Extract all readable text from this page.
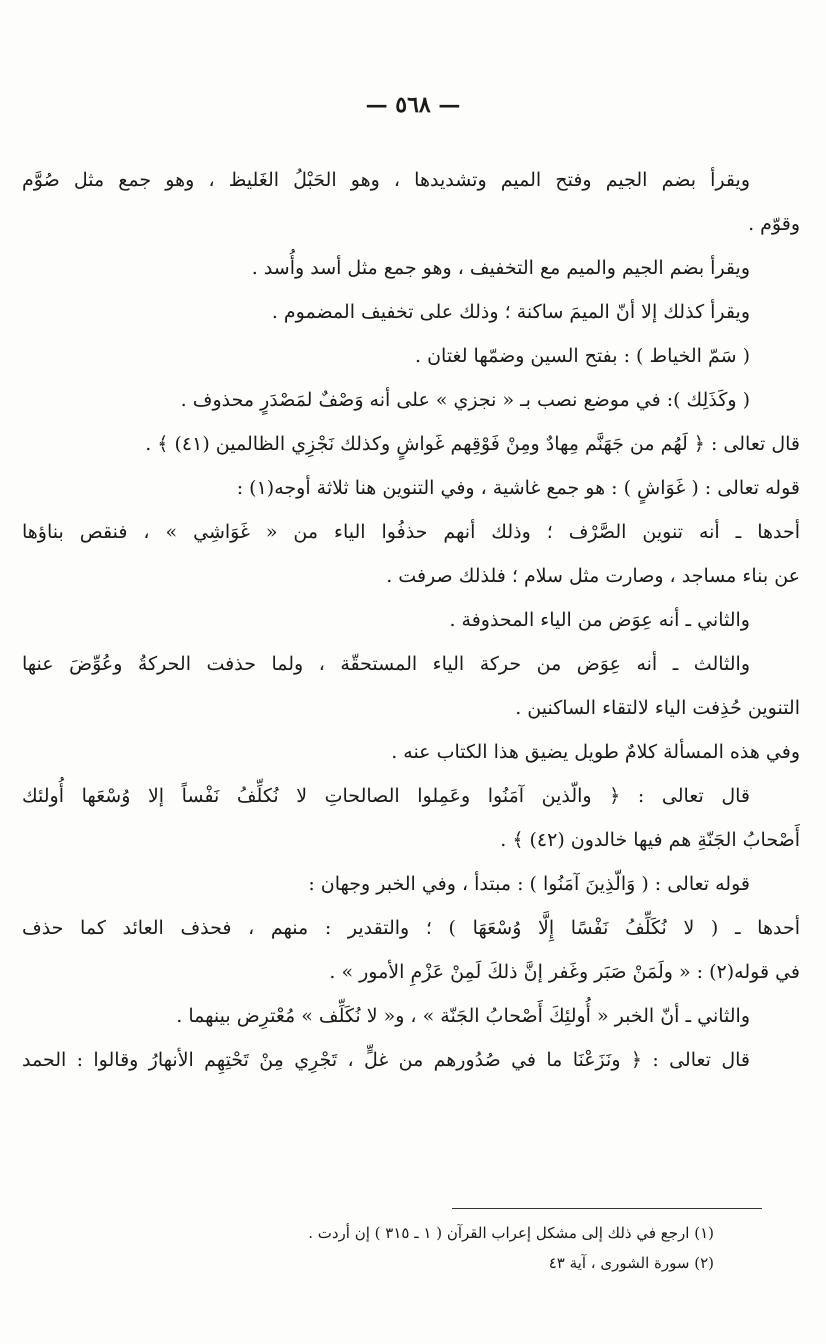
— ٥٦٨ —
ويقرأ بضم الجيم وفتح الميم وتشديدها ، وهو الحَبْلُ الغَليظ ، وهو جمع مثل صُوَّم
وقوّم .
ويقرأ بضم الجيم والميم مع التخفيف ، وهو جمع مثل أسد وأُسد .
ويقرأ كذلك إلا أنّ الميمَ ساكنة ؛ وذلك على تخفيف المضموم .
( سَمّ الخياط ) : بفتح السين وضمّها لغتان .
( وكَذَلِك ): في موضع نصب بـ « نجزي » على أنه وَصْفٌ لمَصْدَرٍ محذوف .
قال تعالى : ﴿ لَهُم من جَهَنَّم مِهادٌ ومِنْ فَوْقِهم غَواشٍ وكذلك نَجْزِي الظالمين (٤١) ﴾ .
قوله تعالى : ( غَوَاشٍ ) : هو جمع غاشية ، وفي التنوين هنا ثلاثة أوجه(١) :
أحدها ـ أنه تنوين الصَّرْف ؛ وذلك أنهم حذفُوا الياء من « غَوَاشِي » ، فنقص بناؤها
عن بناء مساجد ، وصارت مثل سلام ؛ فلذلك صرفت .
والثاني ـ أنه عِوَض من الياء المحذوفة .
والثالث ـ أنه عِوَض من حركة الياء المستحقّة ، ولما حذفت الحركةُ وعُوِّضَ عنها
التنوين حُذِفت الياء لالتقاء الساكنين .
وفي هذه المسألة كلامٌ طويل يضيق هذا الكتاب عنه .
قال تعالى : ﴿ والّذين آمَنُوا وعَمِلوا الصالحاتِ لا نُكلِّفُ نَفْساً إلا وُسْعَها أُولئك
أَصْحابُ الجَنّةِ هم فيها خالدون (٤٢) ﴾ .
قوله تعالى : ( وَالّذِينَ آمَنُوا ) : مبتدأ ، وفي الخبر وجهان :
أحدها ـ ( لا نُكَلِّفُ نَفْسًا إِلَّا وُسْعَهَا ) ؛ والتقدير : منهم ، فحذف العائد كما حذف
في قوله(٢) : « ولَمَنْ صَبَر وغَفر إنَّ ذلكَ لَمِنْ عَزْمِ الأمور » .
والثاني ـ أنّ الخبر « أُولئِكَ أَصْحابُ الجَنّة » ، و« لا نُكَلِّف » مُعْترِض بينهما .
قال تعالى : ﴿ ونَزَعْنَا ما في صُدُورهم من غلٍّ ، تَجْرِي مِنْ تَحْتِهِم الأنهارُ وقالوا : الحمد
(١) ارجع في ذلك إلى مشكل إعراب القرآن ( ١ ـ ٣١٥ ) إن أردت .
(٢) سورة الشورى ، آية ٤٣
